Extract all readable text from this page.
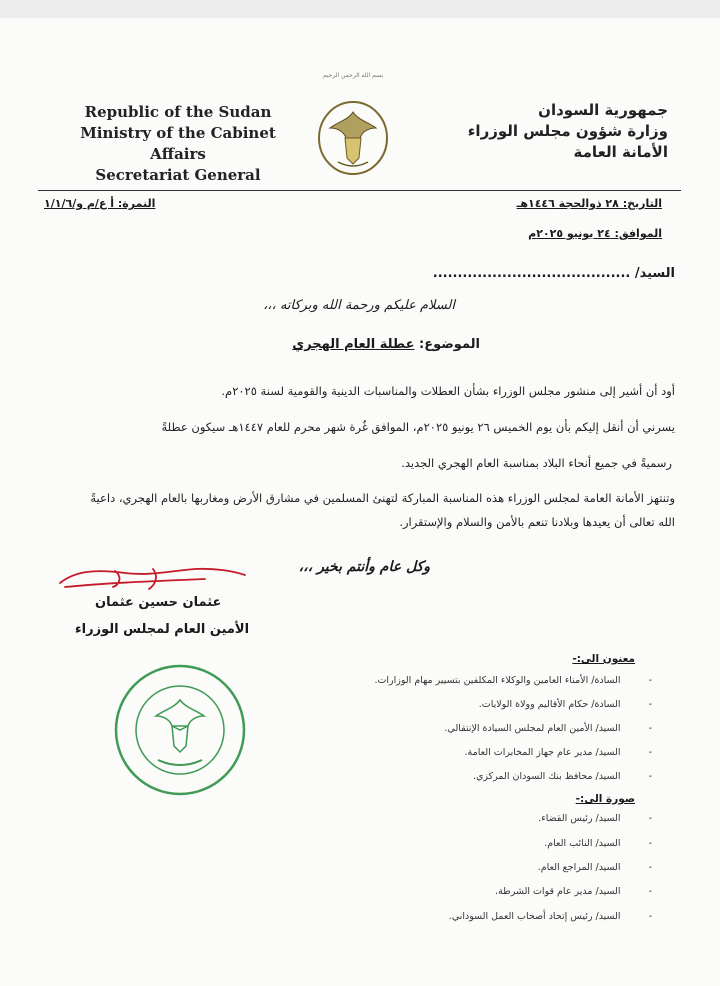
Republic of the Sudan
Ministry of the Cabinet Affairs
Secretariat General
بسم الله الرحمن الرحيم
جمهورية السودان
وزارة شؤون مجلس الوزراء
الأمانة العامة
التاريخ: ٢٨ ذوالحجة ١٤٤٦هـ
الموافق: ٢٤ يونيو ٢٠٢٥م
النمرة: أ ع/م و/١/١/٦
السيد/ ........................................
السلام عليكم ورحمة الله وبركاته ،،،
الموضوع: عطلة العام الهجري
أود أن أشير إلى منشور مجلس الوزراء بشأن العطلات والمناسبات الدينية والقومية لسنة ٢٠٢٥م.
يسرني أن أنقل إليكم بأن يوم الخميس ٢٦ يونيو ٢٠٢٥م، الموافق غُرة شهر محرم للعام ١٤٤٧هـ سيكون عطلةً
رسميةً في جميع أنحاء البلاد بمناسبة العام الهجري الجديد.
وتنتهز الأمانة العامة لمجلس الوزراء هذه المناسبة المباركة لتهنئ المسلمين في مشارق الأرض ومغاربها بالعام الهجري، داعيةً
الله تعالى أن يعيدها وبلادنا تنعم بالأمن والسلام والإستقرار.
وكل عام وأنتم بخير ،،،
عثمان حسين عثمان
الأمين العام لمجلس الوزراء
معنون الى:-
-السادة/ الأمناء العامين والوكلاء المكلفين بتسيير مهام الوزارات.
-السادة/ حكام الأقاليم وولاة الولايات.
-السيد/ الأمين العام لمجلس السيادة الإنتقالي.
-السيد/ مدير عام جهاز المخابرات العامة.
-السيد/ محافظ بنك السودان المركزي.
صورة الى:-
-السيد/ رئيس القضاء.
-السيد/ النائب العام.
-السيد/ المراجع العام.
-السيد/ مدير عام قوات الشرطة.
-السيد/ رئيس إتحاد أصحاب العمل السوداني.
